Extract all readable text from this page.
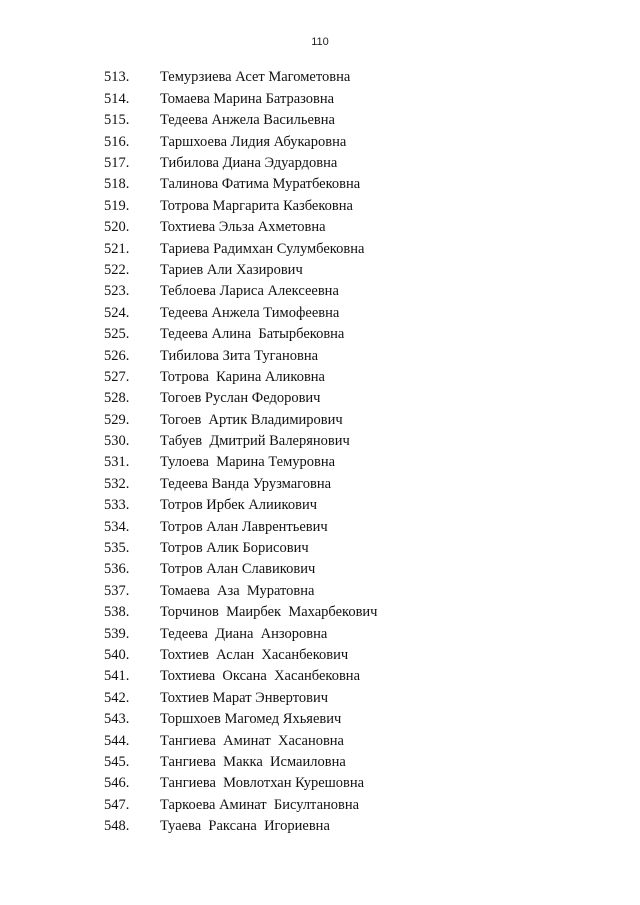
110
513.	Темурзиева Асет Магометовна
514.	Томаева Марина Батразовна
515.	Тедеева Анжела Васильевна
516.	Таршхоева Лидия Абукаровна
517.	Тибилова Диана Эдуардовна
518.	Талинова Фатима Муратбековна
519.	Тотрова Маргарита Казбековна
520.	Тохтиева Эльза Ахметовна
521.	Тариева Радимхан Сулумбековна
522.	Тариев Али Хазирович
523.	Теблоева Лариса Алексеевна
524.	Тедеева Анжела Тимофеевна
525.	Тедеева Алина  Батырбековна
526.	Тибилова Зита Тугановна
527.	Тотрова  Карина Аликовна
528.	Тогоев Руслан Федорович
529.	Тогоев  Артик Владимирович
530.	Табуев  Дмитрий Валерянович
531.	Тулоева  Марина Темуровна
532.	Тедеева Ванда Урузмаговна
533.	Тотров Ирбек Алиикович
534.	Тотров Алан Лаврентьевич
535.	Тотров Алик Борисович
536.	Тотров Алан Славикович
537.	Томаева  Аза  Муратовна
538.	Торчинов  Маирбек  Махарбекович
539.	Тедеева  Диана  Анзоровна
540.	Тохтиев  Аслан  Хасанбекович
541.	Тохтиева  Оксана  Хасанбековна
542.	Тохтиев Марат Энвертович
543.	Торшхоев Магомед Яхьяевич
544.	Тангиева  Аминат  Хасановна
545.	Тангиева  Макка  Исмаиловна
546.	Тангиева  Мовлотхан Курешовна
547.	Таркоева Аминат  Бисултановна
548.	Туаева  Раксана  Игориевна
